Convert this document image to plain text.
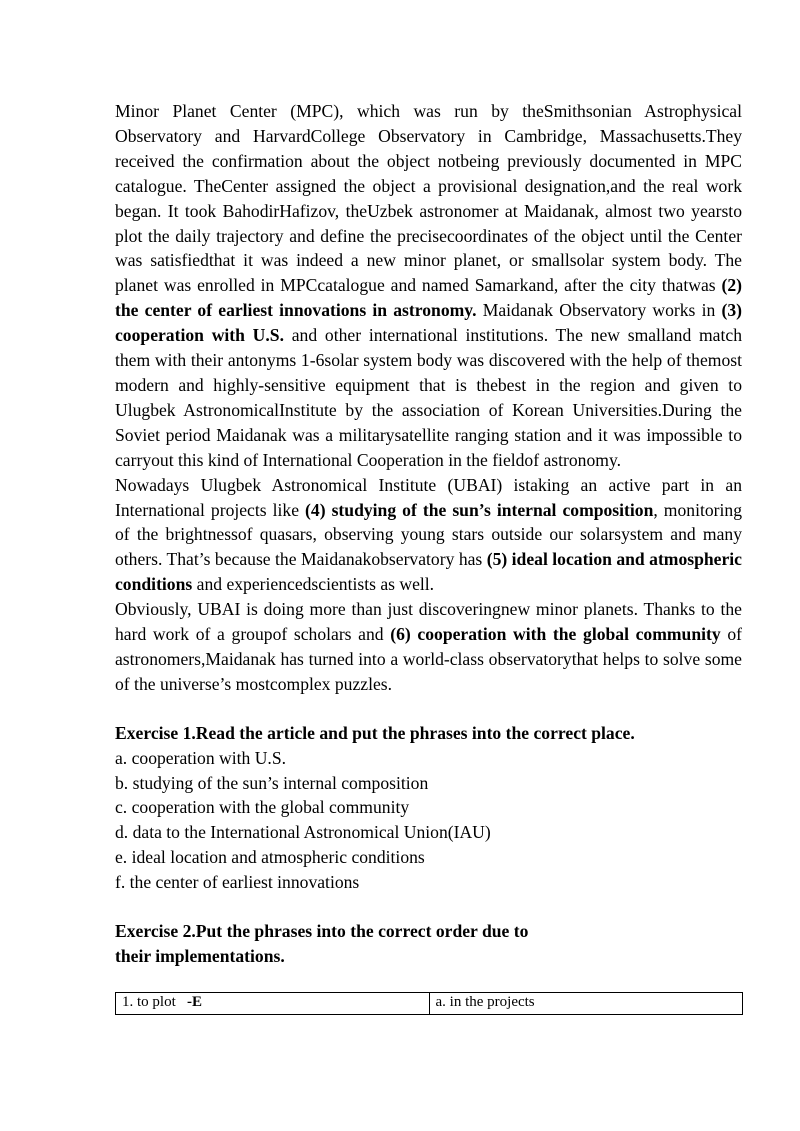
Minor Planet Center (MPC), which was run by theSmithsonian Astrophysical Observatory and HarvardCollege Observatory in Cambridge, Massachusetts.They received the confirmation about the object notbeing previously documented in MPC catalogue. TheCenter assigned the object a provisional designation,and the real work began. It took BahodirHafizov, theUzbek astronomer at Maidanak, almost two yearsto plot the daily trajectory and define the precisecoordinates of the object until the Center was satisfiedthat it was indeed a new minor planet, or smallsolar system body. The planet was enrolled in MPCcatalogue and named Samarkand, after the city thatwas (2) the center of earliest innovations in astronomy. Maidanak Observatory works in (3) cooperation with U.S. and other international institutions. The new smalland match them with their antonyms 1-6solar system body was discovered with the help of themost modern and highly-sensitive equipment that is thebest in the region and given to Ulugbek AstronomicalInstitute by the association of Korean Universities.During the Soviet period Maidanak was a militarysatellite ranging station and it was impossible to carryout this kind of International Cooperation in the fieldof astronomy.

Nowadays Ulugbek Astronomical Institute (UBAI) istaking an active part in an International projects like (4) studying of the sun’s internal composition, monitoring of the brightnessof quasars, observing young stars outside our solarsystem and many others. That’s because the Maidanakobservatory has (5) ideal location and atmospheric conditions and experiencedscientists as well.

Obviously, UBAI is doing more than just discoveringnew minor planets. Thanks to the hard work of a groupof scholars and (6) cooperation with the global community of astronomers,Maidanak has turned into a world-class observatorythat helps to solve some of the universe’s mostcomplex puzzles.

Exercise 1.Read the article and put the phrases into the correct place.
a. cooperation with U.S.
b. studying of the sun’s internal composition
c. cooperation with the global community
d. data to the International Astronomical Union(IAU)
e. ideal location and atmospheric conditions
f. the center of earliest innovations
Exercise 2.Put the phrases into the correct order due to
their implementations.
1. to plot -E	a. in the projects
